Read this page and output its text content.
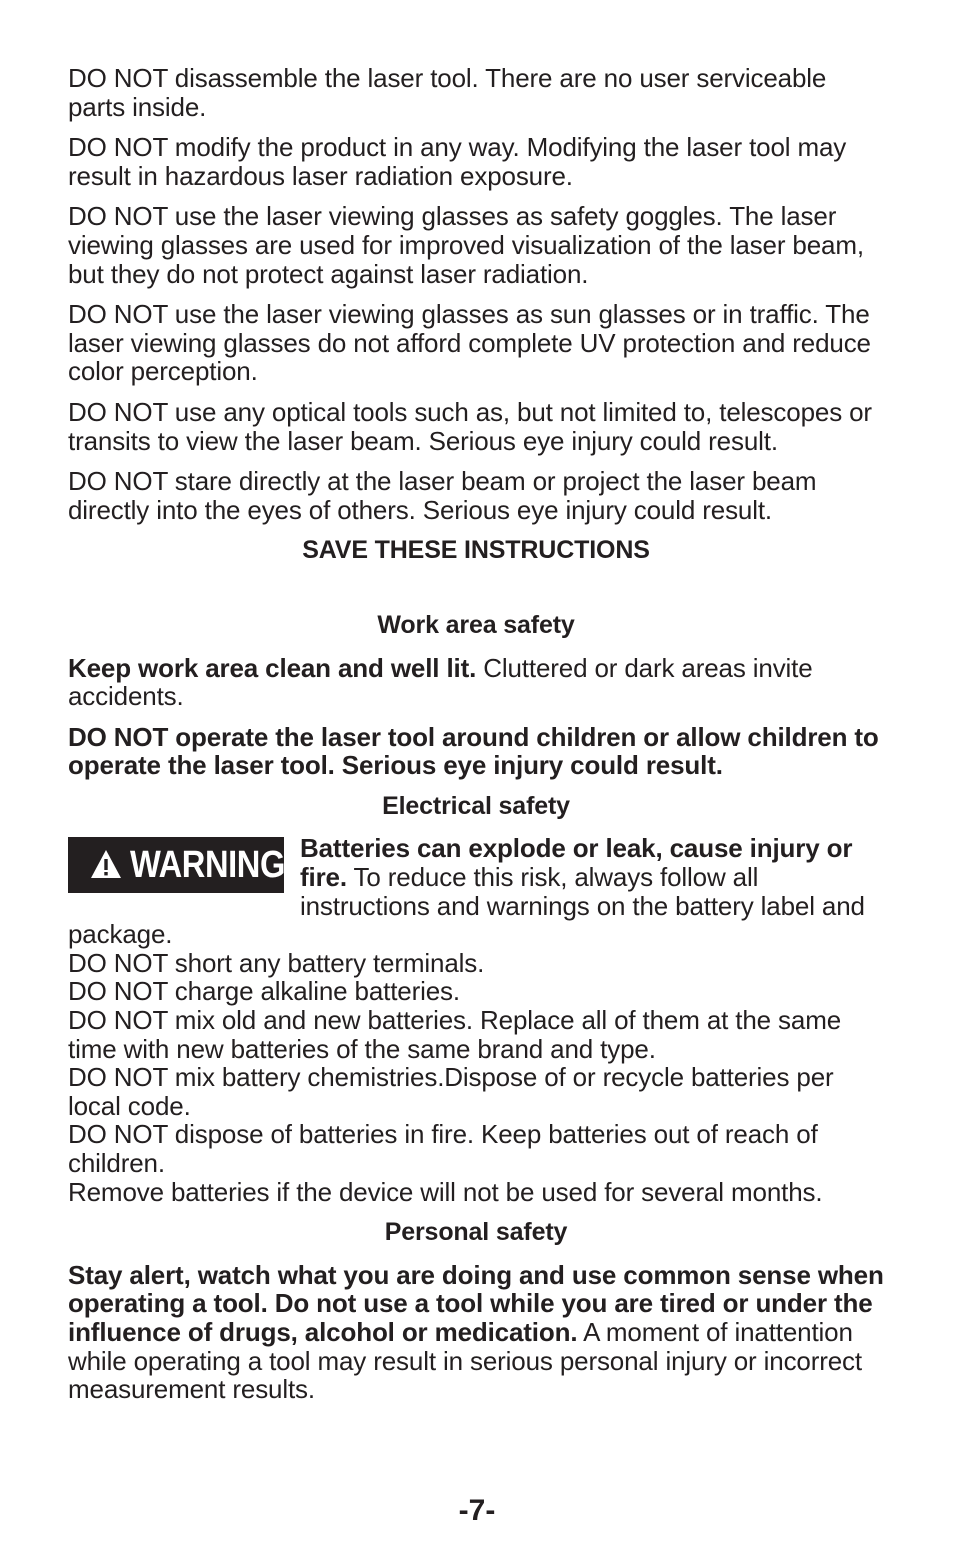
DO NOT disassemble the laser tool. There are no user serviceable parts inside.

DO NOT modify the product in any way. Modifying the laser tool may result in hazardous laser radiation exposure.

DO NOT use the laser viewing glasses as safety goggles. The laser viewing glasses are used for improved visualization of the laser beam, but they do not protect against laser radiation.

DO NOT use the laser viewing glasses as sun glasses or in traffic. The laser viewing glasses do not afford complete UV protection and reduce color perception.

DO NOT use any optical tools such as, but not limited to, telescopes or transits to view the laser beam. Serious eye injury could result.

DO NOT stare directly at the laser beam or project the laser beam directly into the eyes of others. Serious eye injury could result.

SAVE THESE INSTRUCTIONS

Work area safety

Keep work area clean and well lit. Cluttered or dark areas invite accidents.

DO NOT operate the laser tool around children or allow children to operate the laser tool. Serious eye injury could result.

Electrical safety

WARNING Batteries can explode or leak, cause injury or fire. To reduce this risk, always follow all instructions and warnings on the battery label and package.

DO NOT short any battery terminals.

DO NOT charge alkaline batteries.

DO NOT mix old and new batteries. Replace all of them at the same time with new batteries of the same brand and type.

DO NOT mix battery chemistries.Dispose of or recycle batteries per local code.

DO NOT dispose of batteries in fire. Keep batteries out of reach of children.

Remove batteries if the device will not be used for several months.

Personal safety

Stay alert, watch what you are doing and use common sense when operating a tool. Do not use a tool while you are tired or under the influence of drugs, alcohol or medication. A moment of inattention while operating a tool may result in serious personal injury or incorrect measurement results.

-7-
